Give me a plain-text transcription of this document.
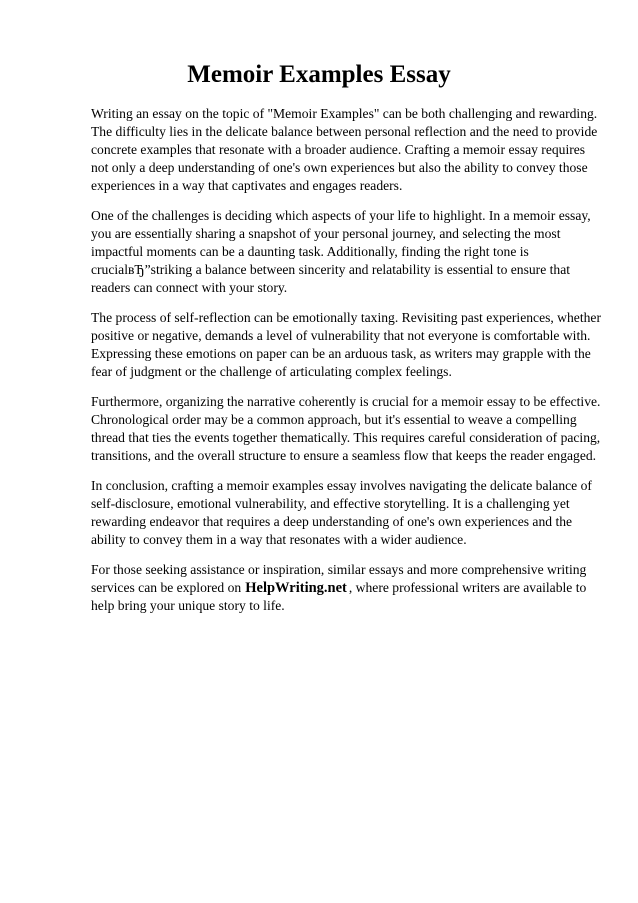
Memoir Examples Essay

Writing an essay on the topic of "Memoir Examples" can be both challenging and rewarding. The difficulty lies in the delicate balance between personal reflection and the need to provide concrete examples that resonate with a broader audience. Crafting a memoir essay requires not only a deep understanding of one's own experiences but also the ability to convey those experiences in a way that captivates and engages readers.

One of the challenges is deciding which aspects of your life to highlight. In a memoir essay, you are essentially sharing a snapshot of your personal journey, and selecting the most impactful moments can be a daunting task. Additionally, finding the right tone is crucialвЂ”striking a balance between sincerity and relatability is essential to ensure that readers can connect with your story.

The process of self-reflection can be emotionally taxing. Revisiting past experiences, whether positive or negative, demands a level of vulnerability that not everyone is comfortable with. Expressing these emotions on paper can be an arduous task, as writers may grapple with the fear of judgment or the challenge of articulating complex feelings.

Furthermore, organizing the narrative coherently is crucial for a memoir essay to be effective. Chronological order may be a common approach, but it's essential to weave a compelling thread that ties the events together thematically. This requires careful consideration of pacing, transitions, and the overall structure to ensure a seamless flow that keeps the reader engaged.

In conclusion, crafting a memoir examples essay involves navigating the delicate balance of self-disclosure, emotional vulnerability, and effective storytelling. It is a challenging yet rewarding endeavor that requires a deep understanding of one's own experiences and the ability to convey them in a way that resonates with a wider audience.

For those seeking assistance or inspiration, similar essays and more comprehensive writing services can be explored on HelpWriting.net , where professional writers are available to help bring your unique story to life.
